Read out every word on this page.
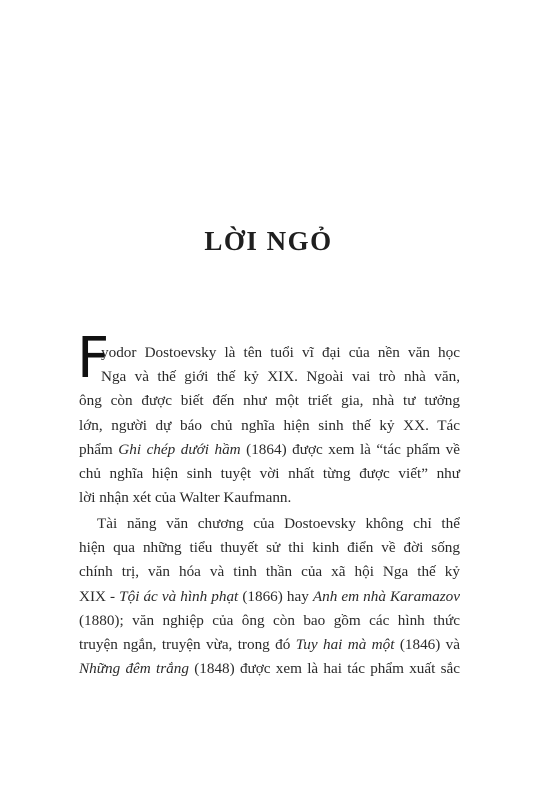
LỜI NGỎ
F
yodor Dostoevsky là tên tuổi vĩ đại của nền văn học
Nga và thế giới thế kỷ XIX. Ngoài vai trò nhà văn,
ông còn được biết đến như một triết gia, nhà tư tưởng
lớn, người dự báo chủ nghĩa hiện sinh thế kỷ XX. Tác
phẩm Ghi chép dưới hầm (1864) được xem là “tác phẩm về
chủ nghĩa hiện sinh tuyệt vời nhất từng được viết” như
lời nhận xét của Walter Kaufmann.
Tài năng văn chương của Dostoevsky không chỉ thể
hiện qua những tiểu thuyết sử thi kinh điển về đời sống
chính trị, văn hóa và tinh thần của xã hội Nga thế kỷ
XIX - Tội ác và hình phạt (1866) hay Anh em nhà Karamazov
(1880); văn nghiệp của ông còn bao gồm các hình thức
truyện ngắn, truyện vừa, trong đó Tuy hai mà một (1846) và
Những đêm trắng (1848) được xem là hai tác phẩm xuất sắc
